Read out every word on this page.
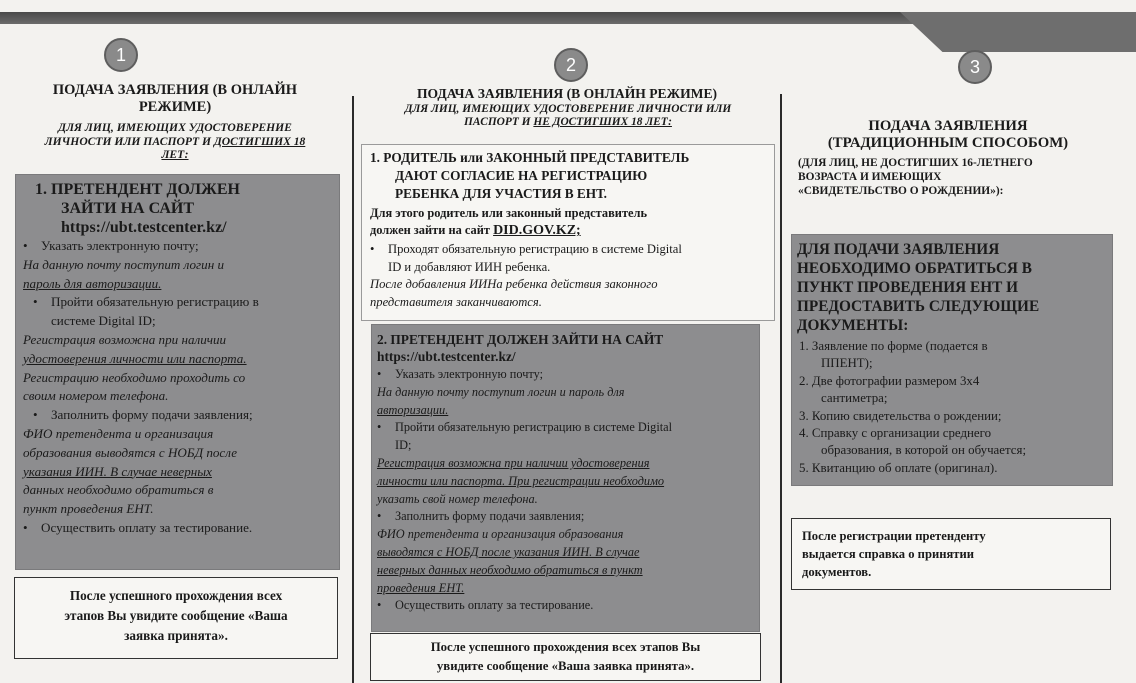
1
ПОДАЧА ЗАЯВЛЕНИЯ (В ОНЛАЙН
РЕЖИМЕ)
ДЛЯ ЛИЦ, ИМЕЮЩИХ УДОСТОВЕРЕНИЕ
ЛИЧНОСТИ ИЛИ ПАСПОРТ И ДОСТИГШИХ 18
ЛЕТ:
1. ПРЕТЕНДЕНТ ДОЛЖЕН
ЗАЙТИ НА САЙТ
https://ubt.testcenter.kz/
• Указать электронную почту;
На данную почту поступит логин и
пароль для авторизации.
• Пройти обязательную регистрацию в
системе Digital ID;
Регистрация возможна при наличии
удостоверения личности или паспорта.
Регистрацию необходимо проходить со
своим номером телефона.
• Заполнить форму подачи заявления;
ФИО претендента и организация
образования выводятся с НОБД после
указания ИИН. В случае неверных
данных необходимо обратиться в
пункт проведения ЕНТ.
• Осуществить оплату за тестирование.
После успешного прохождения всех
этапов Вы увидите сообщение «Ваша
заявка принята».
2
ПОДАЧА ЗАЯВЛЕНИЯ (В ОНЛАЙН РЕЖИМЕ)
ДЛЯ ЛИЦ, ИМЕЮЩИХ УДОСТОВЕРЕНИЕ ЛИЧНОСТИ ИЛИ
ПАСПОРТ И НЕ ДОСТИГШИХ 18 ЛЕТ:
1. РОДИТЕЛЬ или ЗАКОННЫЙ ПРЕДСТАВИТЕЛЬ
ДАЮТ СОГЛАСИЕ НА РЕГИСТРАЦИЮ
РЕБЕНКА ДЛЯ УЧАСТИЯ В ЕНТ.
Для этого родитель или законный представитель
должен зайти на сайт DID.GOV.KZ;
• Проходят обязательную регистрацию в системе Digital
ID и добавляют ИИН ребенка.
После добавления ИИНа ребенка действия законного
представителя заканчиваются.
2. ПРЕТЕНДЕНТ ДОЛЖЕН ЗАЙТИ НА САЙТ
https://ubt.testcenter.kz/
• Указать электронную почту;
На данную почту поступит логин и пароль для
авторизации.
• Пройти обязательную регистрацию в системе Digital
ID;
Регистрация возможна при наличии удостоверения
личности или паспорта. При регистрации необходимо
указать свой номер телефона.
• Заполнить форму подачи заявления;
ФИО претендента и организация образования
выводятся с НОБД после указания ИИН. В случае
неверных данных необходимо обратиться в пункт
проведения ЕНТ.
• Осуществить оплату за тестирование.
После успешного прохождения всех этапов Вы
увидите сообщение «Ваша заявка принята».
3
ПОДАЧА ЗАЯВЛЕНИЯ
(ТРАДИЦИОННЫМ СПОСОБОМ)
(ДЛЯ ЛИЦ, НЕ ДОСТИГШИХ 16-ЛЕТНЕГО
ВОЗРАСТА И ИМЕЮЩИХ
«СВИДЕТЕЛЬСТВО О РОЖДЕНИИ»):
ДЛЯ ПОДАЧИ ЗАЯВЛЕНИЯ
НЕОБХОДИМО ОБРАТИТЬСЯ В
ПУНКТ ПРОВЕДЕНИЯ ЕНТ И
ПРЕДОСТАВИТЬ СЛЕДУЮЩИЕ
ДОКУМЕНТЫ:
1. Заявление по форме (подается в
ППЕНТ);
2. Две фотографии размером 3х4
сантиметра;
3. Копию свидетельства о рождении;
4. Справку с организации среднего
образования, в которой он обучается;
5. Квитанцию об оплате (оригинал).
После регистрации претенденту
выдается справка о принятии
документов.
